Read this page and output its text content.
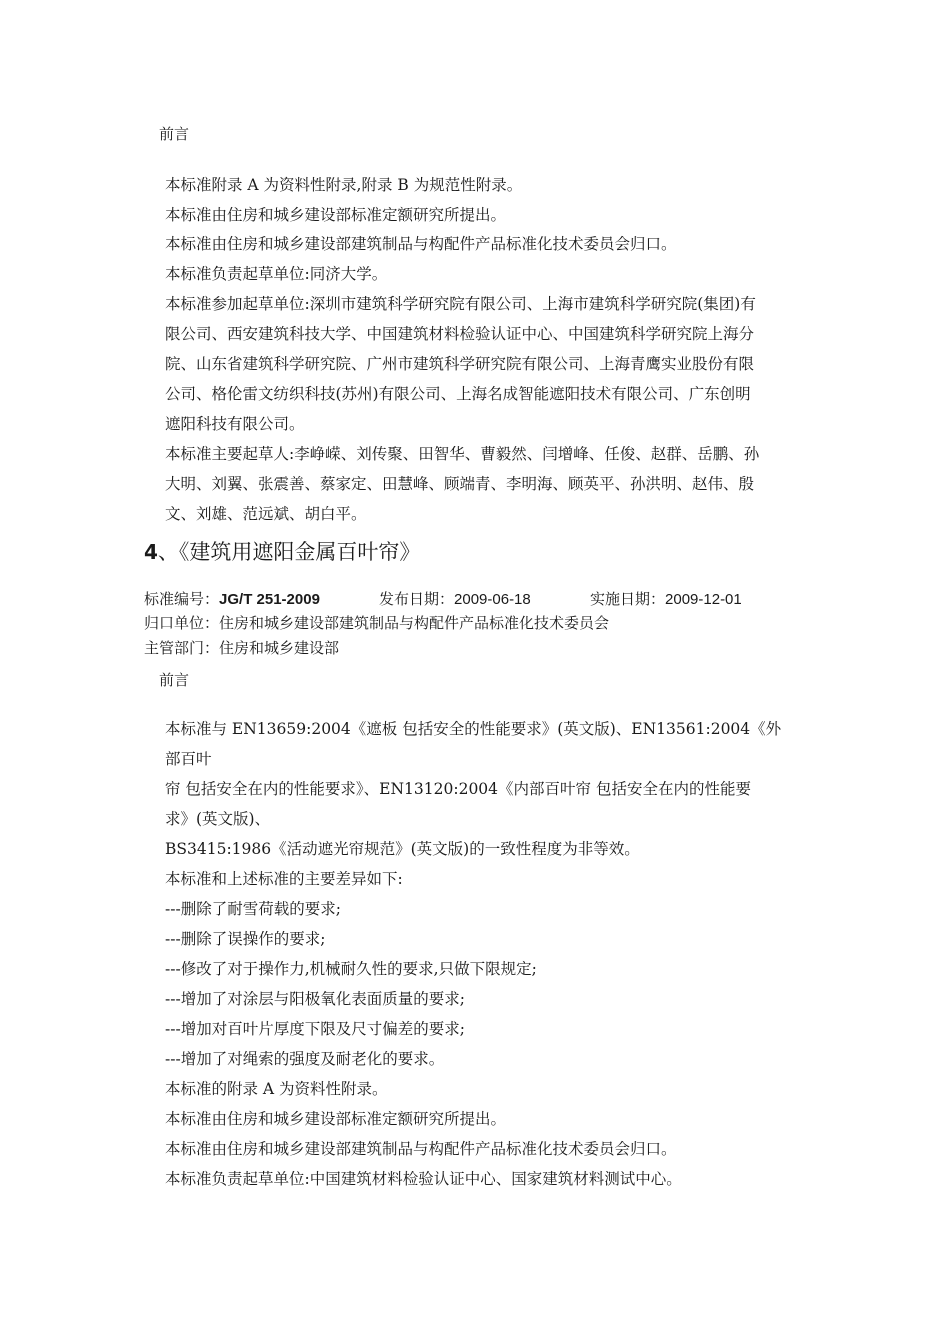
前言
本标准附录 A 为资料性附录,附录 B 为规范性附录。
本标准由住房和城乡建设部标准定额研究所提出。
本标准由住房和城乡建设部建筑制品与构配件产品标准化技术委员会归口。
本标准负责起草单位:同济大学。
本标准参加起草单位:深圳市建筑科学研究院有限公司、上海市建筑科学研究院(集团)有
限公司、西安建筑科技大学、中国建筑材料检验认证中心、中国建筑科学研究院上海分
院、山东省建筑科学研究院、广州市建筑科学研究院有限公司、上海青鹰实业股份有限
公司、格伦雷文纺织科技(苏州)有限公司、上海名成智能遮阳技术有限公司、广东创明
遮阳科技有限公司。
本标准主要起草人:李峥嵘、刘传聚、田智华、曹毅然、闫增峰、任俊、赵群、岳鹏、孙
大明、刘翼、张震善、蔡家定、田慧峰、顾端青、李明海、顾英平、孙洪明、赵伟、殷
文、刘雄、范远斌、胡白平。
4、《建筑用遮阳金属百叶帘》
标准编号：JG/T 251-2009	发布日期：2009-06-18	实施日期：2009-12-01
归口单位：住房和城乡建设部建筑制品与构配件产品标准化技术委员会
主管部门：住房和城乡建设部
前言
本标准与 EN13659:2004《遮板 包括安全的性能要求》(英文版)、EN13561:2004《外
部百叶
帘 包括安全在内的性能要求》、EN13120:2004《内部百叶帘 包括安全在内的性能要
求》(英文版)、
BS3415:1986《活动遮光帘规范》(英文版)的一致性程度为非等效。
本标准和上述标准的主要差异如下:
---删除了耐雪荷载的要求;
---删除了误操作的要求;
---修改了对于操作力,机械耐久性的要求,只做下限规定;
---增加了对涂层与阳极氧化表面质量的要求;
---增加对百叶片厚度下限及尺寸偏差的要求;
---增加了对绳索的强度及耐老化的要求。
本标准的附录 A 为资料性附录。
本标准由住房和城乡建设部标准定额研究所提出。
本标准由住房和城乡建设部建筑制品与构配件产品标准化技术委员会归口。
本标准负责起草单位:中国建筑材料检验认证中心、国家建筑材料测试中心。
